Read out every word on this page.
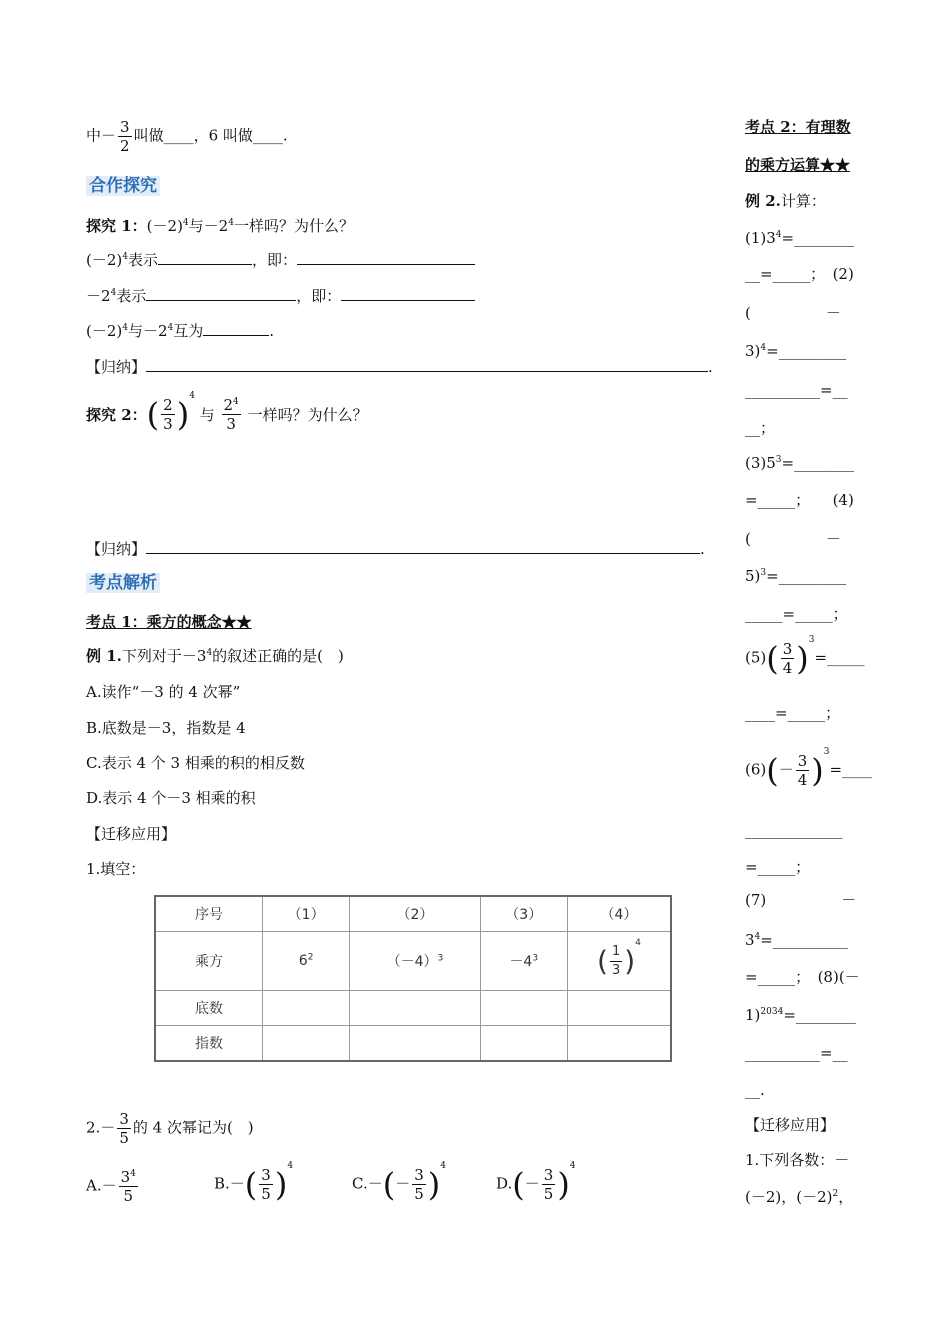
中－ $\frac{3}{2}$ 叫做____，6 叫做____.
合作探究
探究 1：$(-2)^4$与$-2^4$一样吗？为什么？
$(-2)^4$表示	，即：
$-2^4$表示	，即：
$(-2)^4$与$-2^4$互为	.
【归纳】	.
探究 2：( $\frac{2}{3} )^4$ 与 $\frac{2^4}{3}$ 一样吗？为什么？
【归纳】	.
考点解析
考点 1：乘方的概念★★
例 1.下列对于$-3^4$的叙述正确的是(　)
A.读作“－3 的 4 次幂”
B.底数是－3，指数是 4
C.表示 4 个 3 相乘的积的相反数
D.表示 4 个－3 相乘的积
【迁移应用】
1.填空：
序号	（1）	（2）	（3）	（4）
乘方	$6^2$	$(-4)^3$	$-4^3$	( $\frac{1}{3} )^4$
底数				
指数				
$2.- \frac{3}{5}$ 的 4 次幂记为(　)
$A.- \frac{3^4}{5}$	$B.-( \frac{3}{5} )^4$
$C.-(- \frac{3}{5} )^4$
$D.(- \frac{3}{5} )^4$
考点 2：有理数
的乘方运算★★
例 2.计算：
$(1)3^4=\_\_\_\_\_\_\_\_$
__=_____；　(2)
(　　　　　－
3)$^4$=_________
__________=__
__；
$(3)5^3=\_\_\_\_\_\_\_\_$
=_____；　　(4)
(　　　　　－
5)$^3$=_________
_____=_____；
$(5)( \frac{3}{4}$ )$^3=\_\_\_\_\_$
____=_____；
$(6)(- \frac{3}{4}$ )$^3=\_\_\_\_$
_____________
=_____；
(7)　　　　　－
$3^4=\_\_\_\_\_\_\_\_\_\_$
=_____；　(8)(－
1)$^{2034}$=________
__________=__
__.
【迁移应用】
1.下列各数：－
(－2)，$(-2)^2$，
